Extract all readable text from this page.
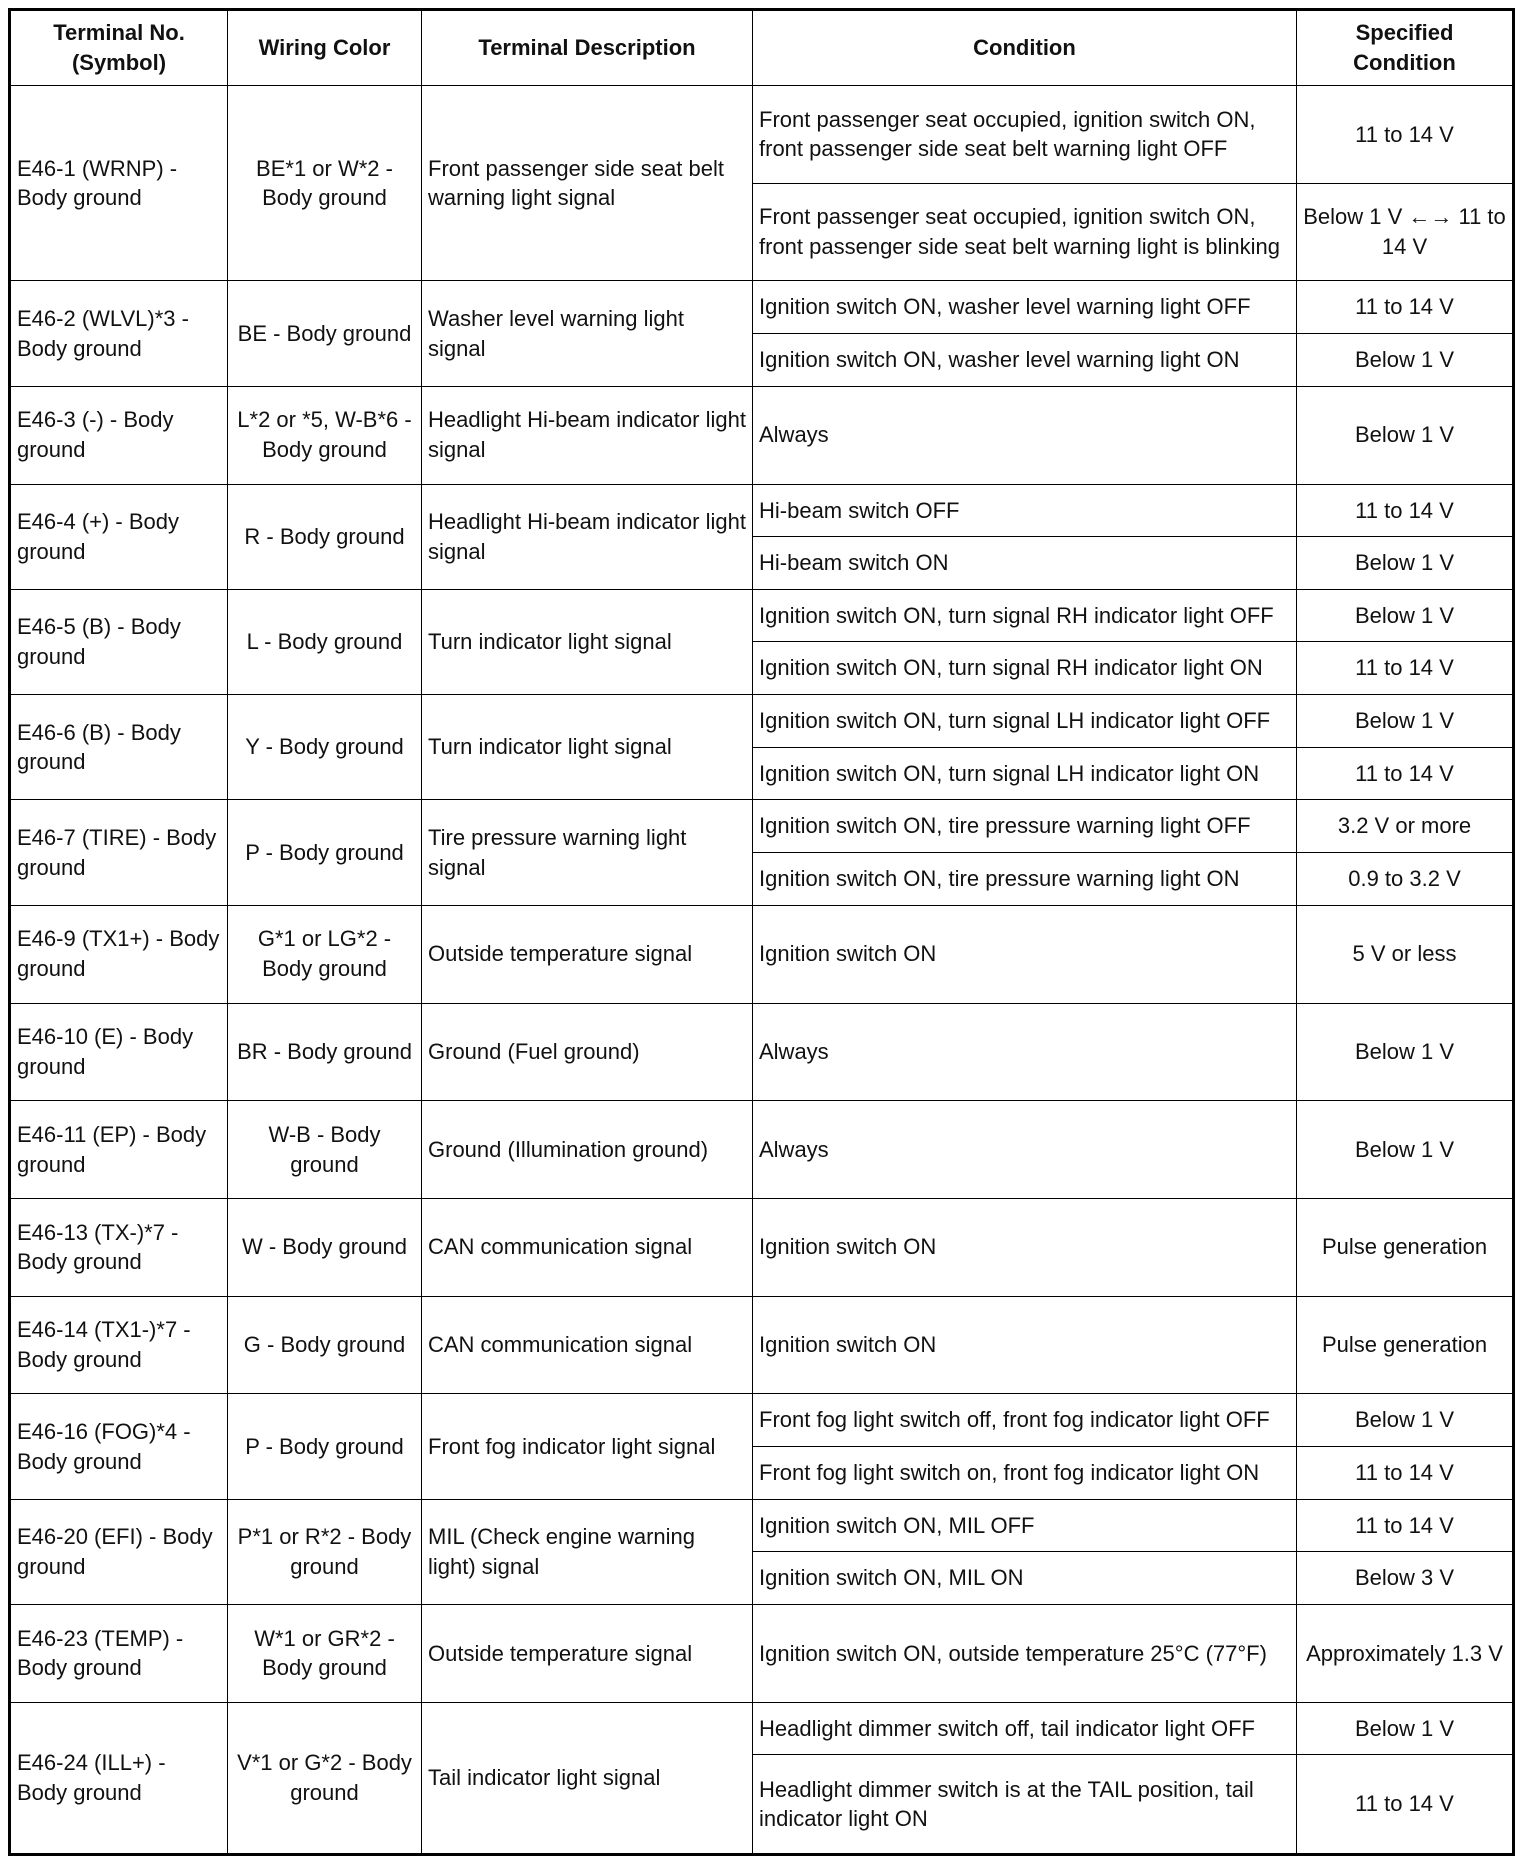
Terminal No. (Symbol)	Wiring Color	Terminal Description	Condition	Specified Condition
E46-1 (WRNP) - Body ground	BE*1 or W*2 - Body ground	Front passenger side seat belt warning light signal	Front passenger seat occupied, ignition switch ON, front passenger side seat belt warning light OFF	11 to 14 V
			Front passenger seat occupied, ignition switch ON, front passenger side seat belt warning light is blinking	Below 1 V ←→ 11 to 14 V
E46-2 (WLVL)*3 - Body ground	BE - Body ground	Washer level warning light signal	Ignition switch ON, washer level warning light OFF	11 to 14 V
			Ignition switch ON, washer level warning light ON	Below 1 V
E46-3 (-) - Body ground	L*2 or *5, W-B*6 - Body ground	Headlight Hi-beam indicator light signal	Always	Below 1 V
E46-4 (+) - Body ground	R - Body ground	Headlight Hi-beam indicator light signal	Hi-beam switch OFF	11 to 14 V
			Hi-beam switch ON	Below 1 V
E46-5 (B) - Body ground	L - Body ground	Turn indicator light signal	Ignition switch ON, turn signal RH indicator light OFF	Below 1 V
			Ignition switch ON, turn signal RH indicator light ON	11 to 14 V
E46-6 (B) - Body ground	Y - Body ground	Turn indicator light signal	Ignition switch ON, turn signal LH indicator light OFF	Below 1 V
			Ignition switch ON, turn signal LH indicator light ON	11 to 14 V
E46-7 (TIRE) - Body ground	P - Body ground	Tire pressure warning light signal	Ignition switch ON, tire pressure warning light OFF	3.2 V or more
			Ignition switch ON, tire pressure warning light ON	0.9 to 3.2 V
E46-9 (TX1+) - Body ground	G*1 or LG*2 - Body ground	Outside temperature signal	Ignition switch ON	5 V or less
E46-10 (E) - Body ground	BR - Body ground	Ground (Fuel ground)	Always	Below 1 V
E46-11 (EP) - Body ground	W-B - Body ground	Ground (Illumination ground)	Always	Below 1 V
E46-13 (TX-)*7 - Body ground	W - Body ground	CAN communication signal	Ignition switch ON	Pulse generation
E46-14 (TX1-)*7 - Body ground	G - Body ground	CAN communication signal	Ignition switch ON	Pulse generation
E46-16 (FOG)*4 - Body ground	P - Body ground	Front fog indicator light signal	Front fog light switch off, front fog indicator light OFF	Below 1 V
			Front fog light switch on, front fog indicator light ON	11 to 14 V
E46-20 (EFI) - Body ground	P*1 or R*2 - Body ground	MIL (Check engine warning light) signal	Ignition switch ON, MIL OFF	11 to 14 V
			Ignition switch ON, MIL ON	Below 3 V
E46-23 (TEMP) - Body ground	W*1 or GR*2 - Body ground	Outside temperature signal	Ignition switch ON, outside temperature 25°C (77°F)	Approximately 1.3 V
E46-24 (ILL+) - Body ground	V*1 or G*2 - Body ground	Tail indicator light signal	Headlight dimmer switch off, tail indicator light OFF	Below 1 V
			Headlight dimmer switch is at the TAIL position, tail indicator light ON	11 to 14 V
